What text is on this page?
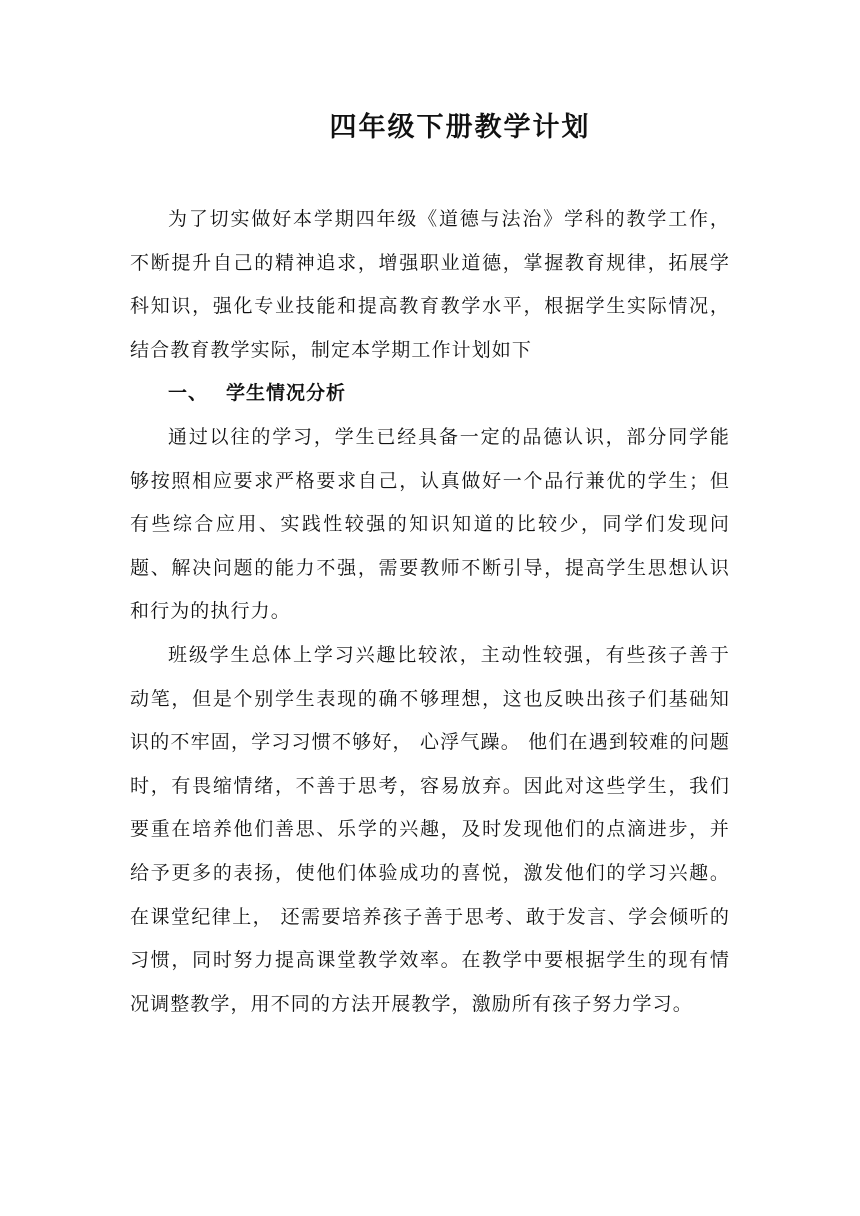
四年级下册教学计划

为了切实做好本学期四年级《道德与法治》学科的教学工作，不断提升自己的精神追求，增强职业道德，掌握教育规律，拓展学科知识，强化专业技能和提高教育教学水平，根据学生实际情况，结合教育教学实际，制定本学期工作计划如下

一、 学生情况分析

通过以往的学习，学生已经具备一定的品德认识，部分同学能够按照相应要求严格要求自己，认真做好一个品行兼优的学生；但有些综合应用、实践性较强的知识知道的比较少，同学们发现问题、解决问题的能力不强，需要教师不断引导，提高学生思想认识和行为的执行力。

班级学生总体上学习兴趣比较浓，主动性较强，有些孩子善于动笔，但是个别学生表现的确不够理想，这也反映出孩子们基础知识的不牢固，学习习惯不够好， 心浮气躁。 他们在遇到较难的问题时，有畏缩情绪，不善于思考，容易放弃。因此对这些学生，我们要重在培养他们善思、乐学的兴趣，及时发现他们的点滴进步，并给予更多的表扬，使他们体验成功的喜悦，激发他们的学习兴趣。 在课堂纪律上， 还需要培养孩子善于思考、敢于发言、学会倾听的习惯，同时努力提高课堂教学效率。在教学中要根据学生的现有情况调整教学，用不同的方法开展教学，激励所有孩子努力学习。
